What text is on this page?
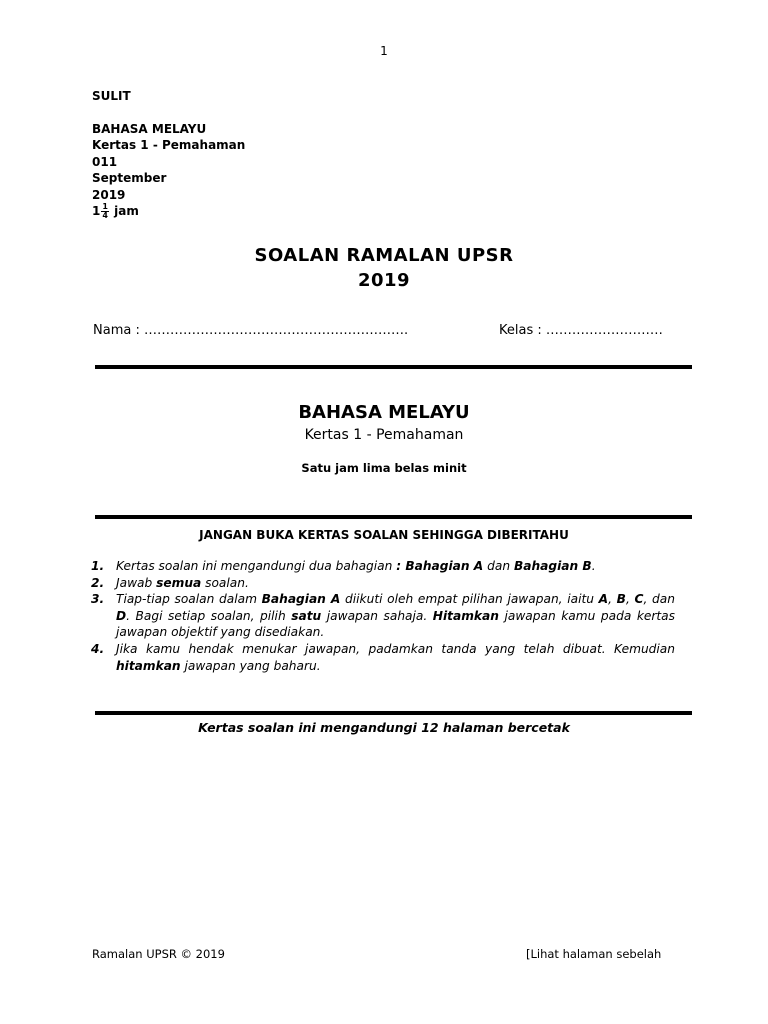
1
SULIT
BAHASA MELAYU
Kertas 1 - Pemahaman
011
September
2019
$1 \frac{1}{4}$ jam
SOALAN RAMALAN UPSR
2019
Nama : …………………………………………………….	Kelas : ………………………
BAHASA MELAYU
Kertas 1 - Pemahaman
Satu jam lima belas minit
JANGAN BUKA KERTAS SOALAN SEHINGGA DIBERITAHU
1. Kertas soalan ini mengandungi dua bahagian : Bahagian A dan Bahagian B.
2. Jawab semua soalan.
3. Tiap-tiap soalan dalam Bahagian A diikuti oleh empat pilihan jawapan, iaitu A, B, C, dan D. Bagi setiap soalan, pilih satu jawapan sahaja. Hitamkan jawapan kamu pada kertas jawapan objektif yang disediakan.
4. Jika kamu hendak menukar jawapan, padamkan tanda yang telah dibuat. Kemudian hitamkan jawapan yang baharu.
Kertas soalan ini mengandungi 12 halaman bercetak
Ramalan UPSR © 2019	[Lihat halaman sebelah
